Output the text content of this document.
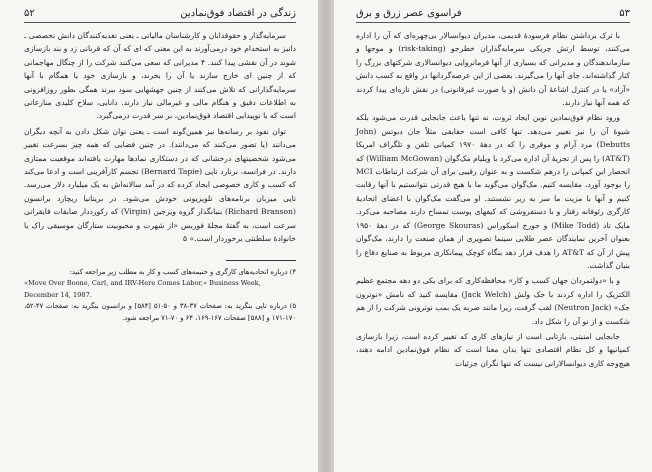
۵۲	زندگی در اقتصاد فوق‌نمادین

سرمایه‌گذار و حقوقدانان و کارشناسان مالیاتی ـ یعنی تغذیه‌کنندگان دانش تخصصی ـ دانیز به استخدام خود درمی‌آورند به این معنی که ‌ای که آن که قربانی زد و بند بازسازی شوند در آن نقشی پیدا کنند. ۴ مدیرانی که سعی می‌کنند شرکت را از چنگال مهاجمانی که از چنین ای خارج سازند یا آن را بخرند، و بازسازی خود یا همگام با آنها سرمایه‌گذارانی که تلاش می‌کنند از چنین جهشهایی سود ببرند همگی بطور روزافزونی به اطلاعات دقیق و هنگام مالی و غیرمالی نیاز دارند. دانایی، سلاح کلیدی منازعاتی است که با نوپیدایی اقتصاد فوق‌نمادین، بر سر قدرت درمی‌گیرد.

توان نفوذ بر رسانه‌ها نیز همین‌گونه است ـ یعنی توان شکل دادن به آنچه دیگران می‌دانند (یا تصور می‌کنند که می‌دانند). در چنین فضایی که همه چیز بسرعت تغییر می‌شود شخصیتهای درخشانی که در دستکاری نمادها مهارت یافته‌اند موقعیت ممتازی دارند. در فرانسه، برنارد تاپی (Bernard Tapie) تجسم کارآفرینی است و ادعا می‌کند که کسب و کاری خصوصی ایجاد کرده که در آمد سالانه‌اش به یک میلیارد دلار می‌رسد. تاپی میزبان برنامه‌های تلویزیونی خودش می‌شود. در بریتانیا ریچارد برانسون (Richard Branson) بنیانگذار گروه ویرجین (Virgin) که رکورددار صابقات قایقرانی سرعت است، به گفتهٔ مجلهٔ فوربس «از شهرت و محبوبیت ستارگان موسیقی راک یا خانوادهٔ سلطنتی برخوردار است.» ۵

۴) درباره اتحادیه‌های کارگری و خنیمه‌های کسب و کار به مطلب زیر مراجعه کنید:
«Move Over Boone, Carl, and IRV-Here Comes Labor,» Business Week, December 14, 1987.
۵) درباره تاپی بنگرید به: صفحات ۳۷-۳۸ و ۵۰-۵۱ [۵۸۴] و برانسون بنگرید به: صفحات ۴۷-۵۲، ۱۷۰-۱۷۱ و [۵۸۸] صفحات ۱۶۷-۱۶۹، ۶۴ و ۷۰-۷۱ مراجعه شود.
فراسوی عصر زرق و برق	۵۳

با ترک برداشتن نظام فرسودهٔ قدیمی، مدیران دیوانسالار بی‌چهره‌ای که آن را اداره می‌کنند، توسط ارتش چریکی سرمایه‌گذاران خطرجو (risk-taking) و موجها و سازماندهندگان و مدیرانی که بسیاری از آنها فرمانروایی دیوانسالاری شرکتهای بزرگ را کنار گذاشته‌اند، جای آنها را می‌گیرند. بعضی از این عرصه‌گردانها در واقع به کسب دانش «آزاد» یا در کنترل اشاعهٔ آن دانش (و یا صورت غیرقانونی) در نقش تازه‌ای پیدا کردند که همه آنها نیاز دارند.

ورود نظام فوق‌نمادین نوین ایجاد ثروت، نه تنها باعث جابجایی قدرت می‌شود بلکه شیوهٔ آن را نیز تغییر می‌دهد. تنها کافی است حقایقی مثلاً جان دبوتس (John Debutts) مرد آرام و موقری را که در دههٔ ۱۹۷۰ کمپانی تلفن و تلگراف امریکا (AT&T) را پس از تجزیهٔ آن اداره می‌کرد با ویلیام مک‌گوان (William McGowan) که انحصار این کمپانی را درهم شکست و به عنوان رقیبی برای آن شرکت ارتباطات MCI را بوجود آورد، مقایسه کنیم. مک‌گوان می‌گوید ما با هیچ قدرتی نتوانستیم با آنها رقابت کنیم و آنها با مزیت ما سر به زیر نشستند. او می‌گفت مک‌گوان با اعضای اتحادیهٔ کارگری رئوفانه رفتار و با دستفروشی که کیفهای پوست تمساح دارند مصاحبه می‌کرد. مایک تاد (Mike Todd) و جورج اسکوراس (George Skouras) که در دههٔ ۱۹۵۰ بعنوان آخرین نمایندگان عصر طلایی سینما تصویری از همان صنعت را دارند، مک‌گوان پیش از آن که AT&T را هدف قرار دهد بنگاه کوچک پیمانکاری مربوط به صنایع دفاع را بنیان گذاشت.

و با «دولتمردان جهان کسب و کار» محافظه‌کاری که برای یکی دو دهه مجتمع عظیم الکتریک را اداره کردند با جک ولش (Jack Welch) مقایسه کنید که نامش «نوترون جک» (Neutron Jack) لقب گرفت، زیرا مانند ضربه یک بمب نوترونی شرکت را از هم شکست و از نو آن را شکل داد.

جابجایی امنیتی، بازتابی است از نیازهای کاری که تغییر کرده است، زیرا بازسازی کمپانیها و کل نظام اقتصادی تنها بدان معنا است که نظام فوق‌نمادین ادامه دهند، هیچ‌وجه کاری دیوانسالارانی نیست که تنها نگران جزئیات
